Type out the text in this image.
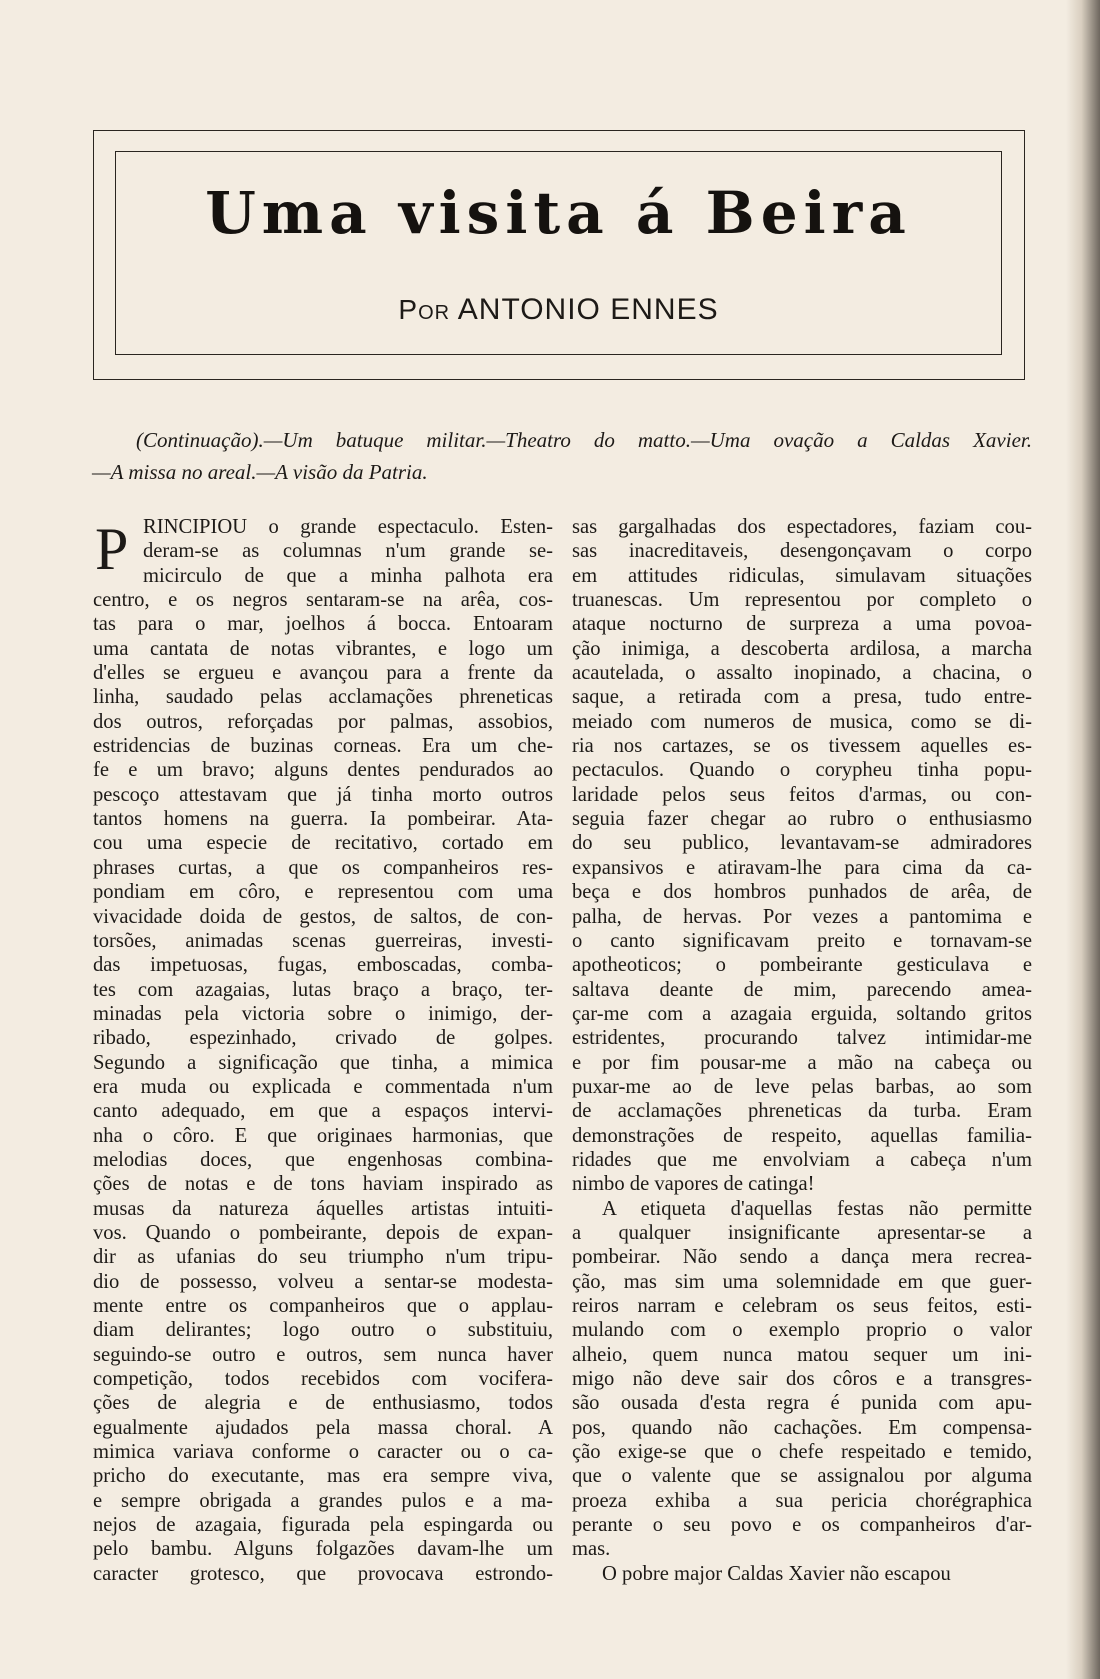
Uma visita á Beira
Por ANTONIO ENNES
(Continuação).—Um batuque militar.—Theatro do matto.—Uma ovação a Caldas Xavier.
—A missa no areal.—A visão da Patria.
P RINCIPIOU o grande espectaculo. Esten-
deram-se as columnas n'um grande se-
micirculo de que a minha palhota era
centro, e os negros sentaram-se na arêa, cos-
tas para o mar, joelhos á bocca. Entoaram
uma cantata de notas vibrantes, e logo um
d'elles se ergueu e avançou para a frente da
linha, saudado pelas acclamações phreneticas
dos outros, reforçadas por palmas, assobios,
estridencias de buzinas corneas. Era um che-
fe e um bravo; alguns dentes pendurados ao
pescoço attestavam que já tinha morto outros
tantos homens na guerra. Ia pombeirar. Ata-
cou uma especie de recitativo, cortado em
phrases curtas, a que os companheiros res-
pondiam em côro, e representou com uma
vivacidade doida de gestos, de saltos, de con-
torsões, animadas scenas guerreiras, investi-
das impetuosas, fugas, emboscadas, comba-
tes com azagaias, lutas braço a braço, ter-
minadas pela victoria sobre o inimigo, der-
ribado, espezinhado, crivado de golpes.
Segundo a significação que tinha, a mimica
era muda ou explicada e commentada n'um
canto adequado, em que a espaços intervi-
nha o côro. E que originaes harmonias, que
melodias doces, que engenhosas combina-
ções de notas e de tons haviam inspirado as
musas da natureza áquelles artistas intuiti-
vos. Quando o pombeirante, depois de expan-
dir as ufanias do seu triumpho n'um tripu-
dio de possesso, volveu a sentar-se modesta-
mente entre os companheiros que o applau-
diam delirantes; logo outro o substituiu,
seguindo-se outro e outros, sem nunca haver
competição, todos recebidos com vocifera-
ções de alegria e de enthusiasmo, todos
egualmente ajudados pela massa choral. A
mimica variava conforme o caracter ou o ca-
pricho do executante, mas era sempre viva,
e sempre obrigada a grandes pulos e a ma-
nejos de azagaia, figurada pela espingarda ou
pelo bambu. Alguns folgazões davam-lhe um
caracter grotesco, que provocava estrondo-
sas gargalhadas dos espectadores, faziam cou-
sas inacreditaveis, desengonçavam o corpo
em attitudes ridiculas, simulavam situações
truanescas. Um representou por completo o
ataque nocturno de surpreza a uma povoa-
ção inimiga, a descoberta ardilosa, a marcha
acautelada, o assalto inopinado, a chacina, o
saque, a retirada com a presa, tudo entre-
meiado com numeros de musica, como se di-
ria nos cartazes, se os tivessem aquelles es-
pectaculos. Quando o corypheu tinha popu-
laridade pelos seus feitos d'armas, ou con-
seguia fazer chegar ao rubro o enthusiasmo
do seu publico, levantavam-se admiradores
expansivos e atiravam-lhe para cima da ca-
beça e dos hombros punhados de arêa, de
palha, de hervas. Por vezes a pantomima e
o canto significavam preito e tornavam-se
apotheoticos; o pombeirante gesticulava e
saltava deante de mim, parecendo amea-
çar-me com a azagaia erguida, soltando gritos
estridentes, procurando talvez intimidar-me
e por fim pousar-me a mão na cabeça ou
puxar-me ao de leve pelas barbas, ao som
de acclamações phreneticas da turba. Eram
demonstrações de respeito, aquellas familia-
ridades que me envolviam a cabeça n'um
nimbo de vapores de catinga!
A etiqueta d'aquellas festas não permitte
a qualquer insignificante apresentar-se a
pombeirar. Não sendo a dança mera recrea-
ção, mas sim uma solemnidade em que guer-
reiros narram e celebram os seus feitos, esti-
mulando com o exemplo proprio o valor
alheio, quem nunca matou sequer um ini-
migo não deve sair dos côros e a transgres-
são ousada d'esta regra é punida com apu-
pos, quando não cachações. Em compensa-
ção exige-se que o chefe respeitado e temido,
que o valente que se assignalou por alguma
proeza exhiba a sua pericia chorégraphica
perante o seu povo e os companheiros d'ar-
mas.
O pobre major Caldas Xavier não escapou
